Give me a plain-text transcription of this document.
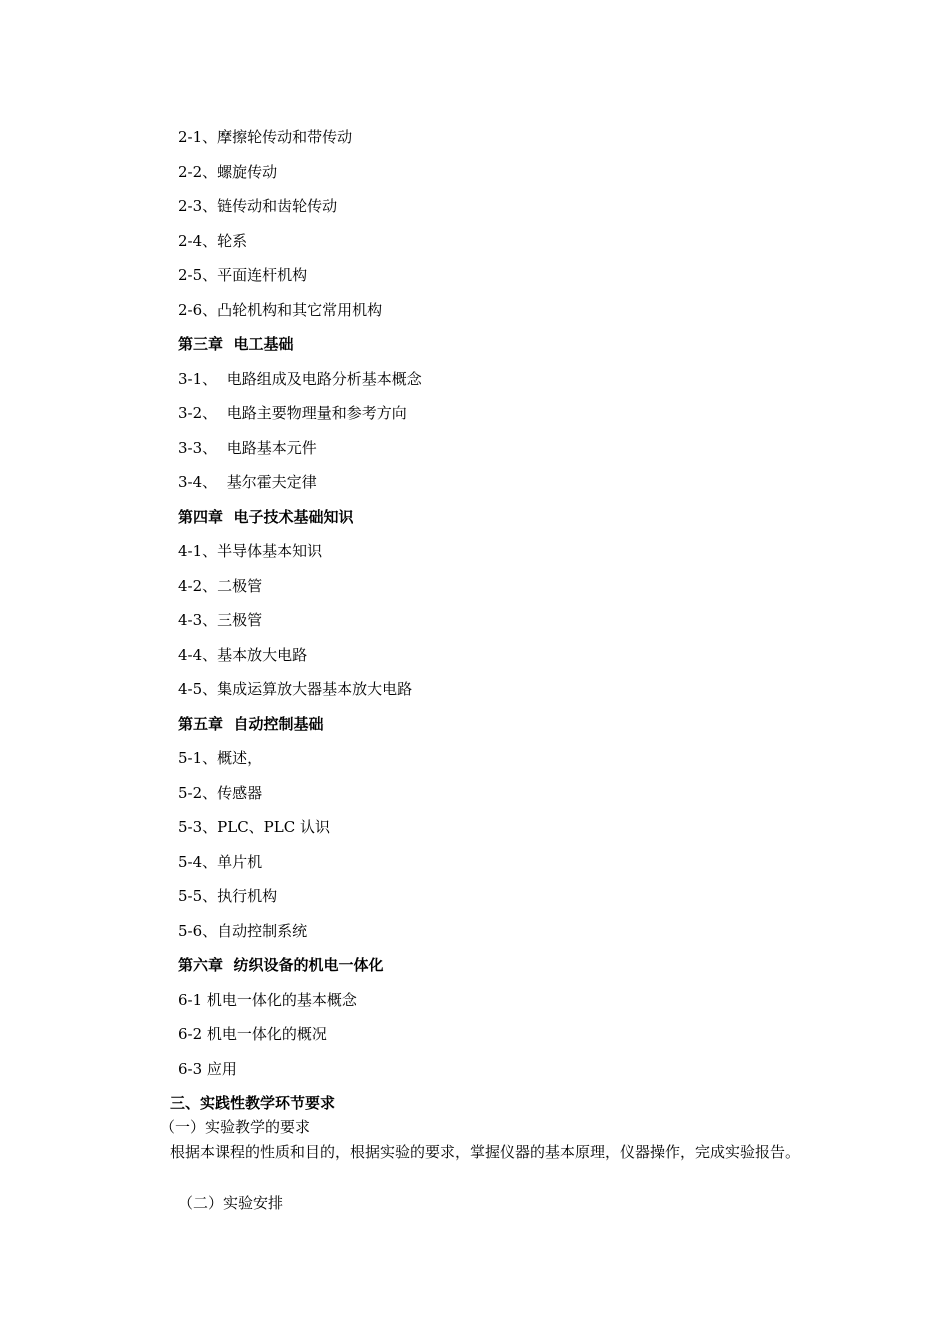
2-1、摩擦轮传动和带传动
2-2、螺旋传动
2-3、链传动和齿轮传动
2-4、轮系
2-5、平面连杆机构
2-6、凸轮机构和其它常用机构
第三章  电工基础
3-1、  电路组成及电路分析基本概念
3-2、  电路主要物理量和参考方向
3-3、  电路基本元件
3-4、  基尔霍夫定律
第四章  电子技术基础知识
4-1、半导体基本知识
4-2、二极管
4-3、三极管
4-4、基本放大电路
4-5、集成运算放大器基本放大电路
第五章  自动控制基础
5-1、概述，
5-2、传感器
5-3、PLC、PLC 认识
5-4、单片机
5-5、执行机构
5-6、自动控制系统
第六章  纺织设备的机电一体化
6-1 机电一体化的基本概念
6-2 机电一体化的概况
6-3 应用
三、实践性教学环节要求
（一）实验教学的要求
根据本课程的性质和目的，根据实验的要求，掌握仪器的基本原理，仪器操作，完成实验报告。
（二）实验安排
